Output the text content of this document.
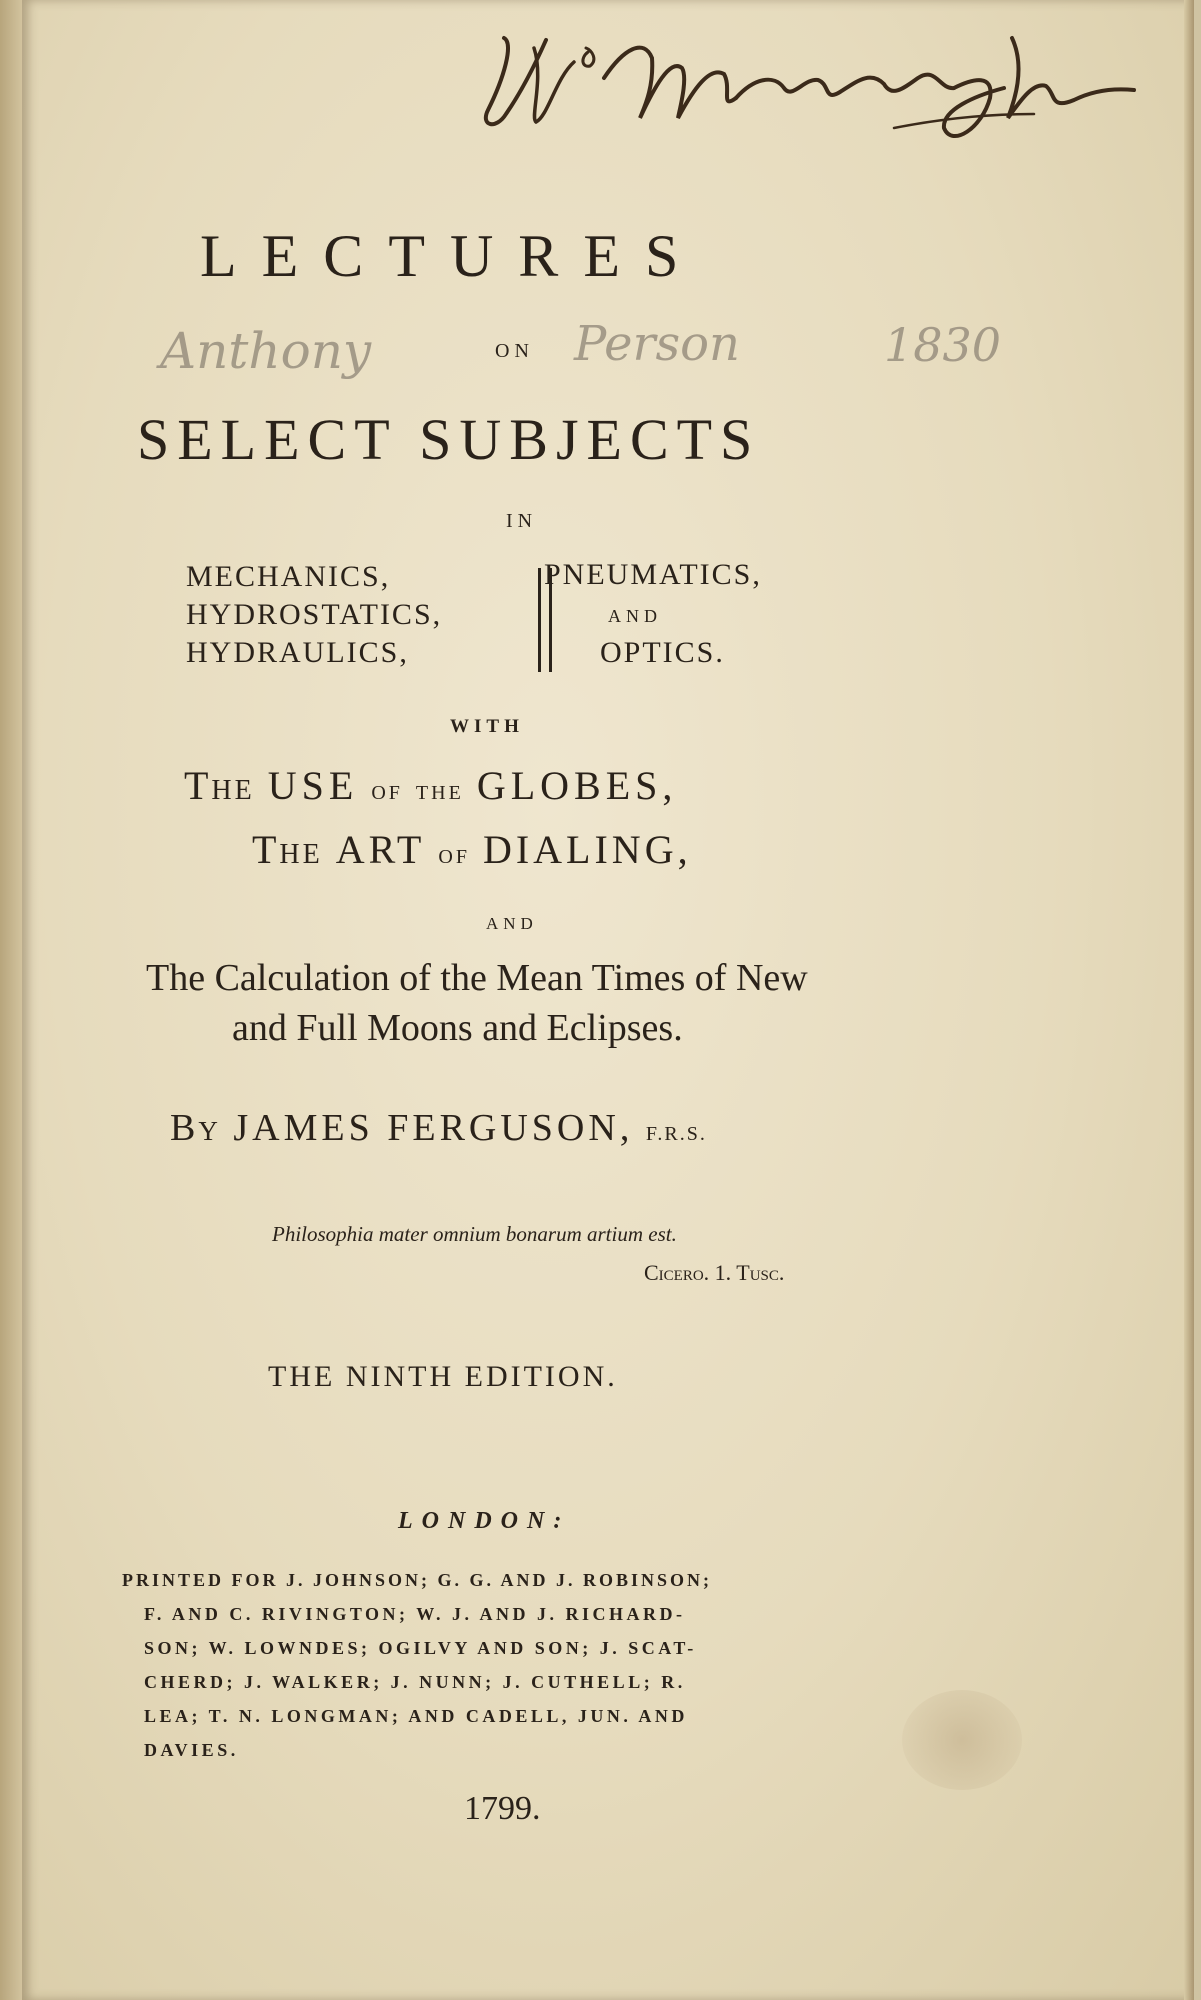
Anthony	Person	1830
LECTURES
ON
SELECT SUBJECTS
IN
MECHANICS,
HYDROSTATICS,
HYDRAULICS,
PNEUMATICS,
AND
OPTICS.
WITH
The USE of the GLOBES,
The ART of DIALING,
AND
The Calculation of the Mean Times of New
and Full Moons and Eclipses.
By JAMES FERGUSON, F.R.S.
Philosophia mater omnium bonarum artium est.
Cicero. 1. Tusc.
THE NINTH EDITION.
LONDON:
PRINTED FOR J. JOHNSON; G. G. AND J. ROBINSON;
F. AND C. RIVINGTON; W. J. AND J. RICHARD-
SON; W. LOWNDES; OGILVY AND SON; J. SCAT-
CHERD; J. WALKER; J. NUNN; J. CUTHELL; R.
LEA; T. N. LONGMAN; AND CADELL, JUN. AND
DAVIES.
1799.
